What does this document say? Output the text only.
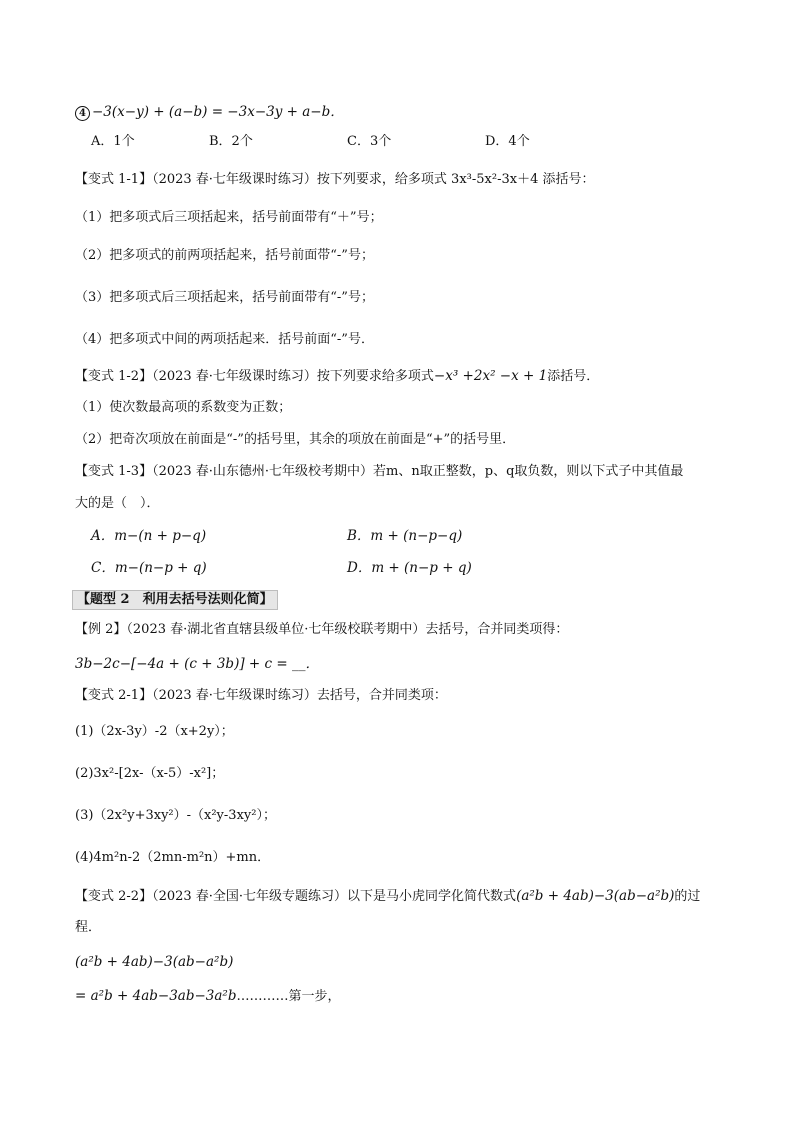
4 −3(x−y) + (a−b) = −3x−3y + a−b．
A．1个	B．2个	C．3个	D．4个
【变式 1-1】（2023 春·七年级课时练习）按下列要求，给多项式 3x³-5x²-3x＋4 添括号：
（1）把多项式后三项括起来，括号前面带有“＋”号；
（2）把多项式的前两项括起来，括号前面带“-”号；
（3）把多项式后三项括起来，括号前面带有“-”号；
（4）把多项式中间的两项括起来．括号前面“-”号．
【变式 1-2】（2023 春·七年级课时练习）按下列要求给多项式−x³ +2x² −x + 1添括号．
（1）使次数最高项的系数变为正数；
（2）把奇次项放在前面是“-”的括号里，其余的项放在前面是“+”的括号里．
【变式 1-3】（2023 春·山东德州·七年级校考期中）若m、n取正整数，p、q取负数，则以下式子中其值最
大的是（　）．
A．m−(n + p−q)	B．m + (n−p−q)
C．m−(n−p + q)	D．m + (n−p + q)
【题型 2　利用去括号法则化简】
【例 2】（2023 春·湖北省直辖县级单位·七年级校联考期中）去括号，合并同类项得：
3b−2c−[−4a + (c + 3b)] + c = __．
【变式 2-1】（2023 春·七年级课时练习）去括号，合并同类项：
(1)（2x-3y）-2（x+2y）；
(2)3x²-[2x-（x-5）-x²]；
(3)（2x²y+3xy²）-（x²y-3xy²）；
(4)4m²n-2（2mn-m²n）+mn．
【变式 2-2】（2023 春·全国·七年级专题练习）以下是马小虎同学化简代数式(a²b + 4ab)−3(ab−a²b)的过
程．
(a²b + 4ab)−3(ab−a²b)
= a²b + 4ab−3ab−3a²b…………第一步，
